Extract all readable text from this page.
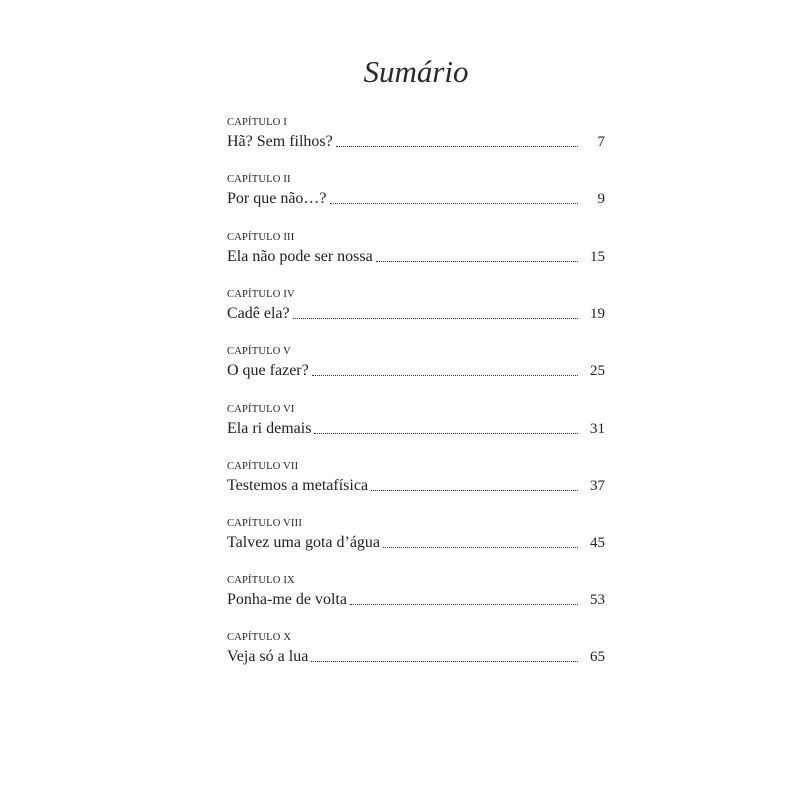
Sumário
CAPÍTULO I
Hã? Sem filhos?	7
CAPÍTULO II
Por que não…?	9
CAPÍTULO III
Ela não pode ser nossa	15
CAPÍTULO IV
Cadê ela?	19
CAPÍTULO V
O que fazer?	25
CAPÍTULO VI
Ela ri demais	31
CAPÍTULO VII
Testemos a metafísica	37
CAPÍTULO VIII
Talvez uma gota d’água	45
CAPÍTULO IX
Ponha-me de volta	53
CAPÍTULO X
Veja só a lua	65
